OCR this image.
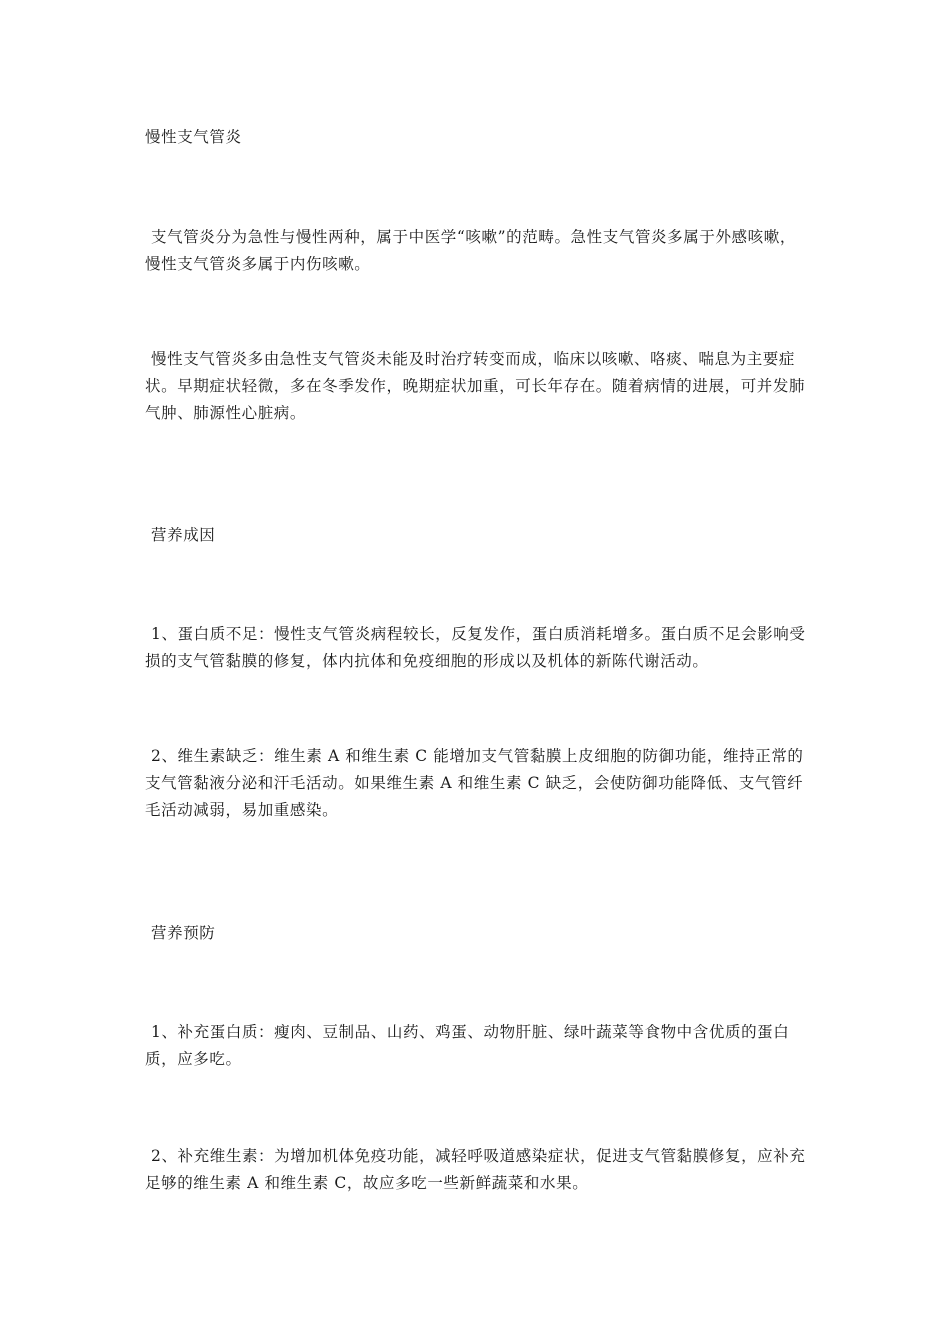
慢性支气管炎

支气管炎分为急性与慢性两种，属于中医学“咳嗽”的范畴。急性支气管炎多属于外感咳嗽，慢性支气管炎多属于内伤咳嗽。

慢性支气管炎多由急性支气管炎未能及时治疗转变而成，临床以咳嗽、咯痰、喘息为主要症状。早期症状轻微，多在冬季发作，晚期症状加重，可长年存在。随着病情的进展，可并发肺气肿、肺源性心脏病。

营养成因

1、蛋白质不足：慢性支气管炎病程较长，反复发作，蛋白质消耗增多。蛋白质不足会影响受损的支气管黏膜的修复，体内抗体和免疫细胞的形成以及机体的新陈代谢活动。

2、维生素缺乏：维生素 A 和维生素 C 能增加支气管黏膜上皮细胞的防御功能，维持正常的支气管黏液分泌和汗毛活动。如果维生素 A 和维生素 C 缺乏，会使防御功能降低、支气管纤毛活动减弱，易加重感染。

营养预防

1、补充蛋白质：瘦肉、豆制品、山药、鸡蛋、动物肝脏、绿叶蔬菜等食物中含优质的蛋白质，应多吃。

2、补充维生素：为增加机体免疫功能，减轻呼吸道感染症状，促进支气管黏膜修复，应补充足够的维生素 A 和维生素 C，故应多吃一些新鲜蔬菜和水果。
